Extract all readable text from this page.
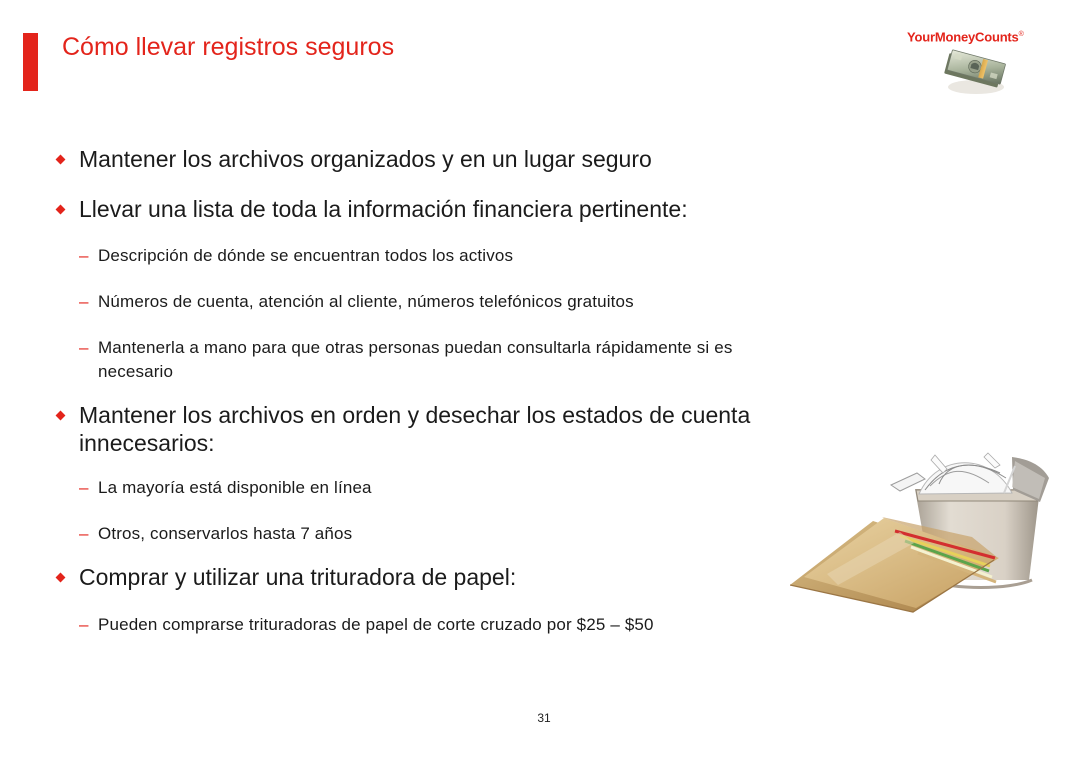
Cómo llevar registros seguros	YourMoneyCounts®

Mantener los archivos organizados y en un lugar seguro

Llevar una lista de toda la información financiera pertinente:

– Descripción de dónde se encuentran todos los activos

– Números de cuenta, atención al cliente, números telefónicos gratuitos

– Mantenerla a mano para que otras personas puedan consultarla rápidamente si es
necesario

Mantener los archivos en orden y desechar los estados de cuenta
innecesarios:

– La mayoría está disponible en línea

– Otros, conservarlos hasta 7 años

Comprar y utilizar una trituradora de papel:

– Pueden comprarse trituradoras de papel de corte cruzado por $25 – $50

31
